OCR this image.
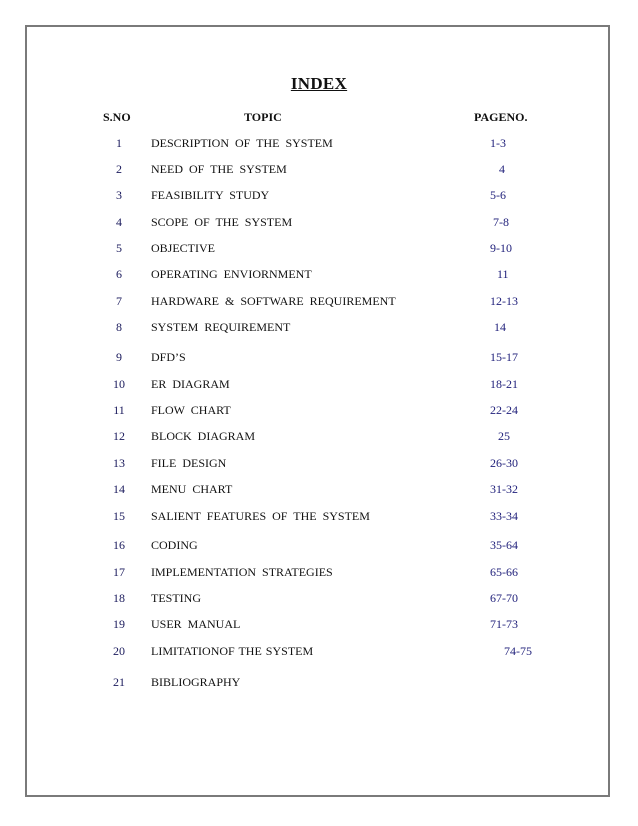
INDEX
S.NO	TOPIC	PAGENO.
1	DESCRIPTION OF THE SYSTEM	1-3
2	NEED OF THE SYSTEM	4
3	FEASIBILITY STUDY	5-6
4	SCOPE OF THE SYSTEM	7-8
5	OBJECTIVE	9-10
6	OPERATING ENVIORNMENT	11
7	HARDWARE & SOFTWARE REQUIREMENT	12-13
8	SYSTEM REQUIREMENT	14
9	DFD’S	15-17
10	ER DIAGRAM	18-21
11	FLOW CHART	22-24
12	BLOCK DIAGRAM	25
13	FILE DESIGN	26-30
14	MENU CHART	31-32
15	SALIENT FEATURES OF THE SYSTEM	33-34
16	CODING	35-64
17	IMPLEMENTATION STRATEGIES	65-66
18	TESTING	67-70
19	USER MANUAL	71-73
20	LIMITATIONOF THE SYSTEM	74-75
21	BIBLIOGRAPHY
